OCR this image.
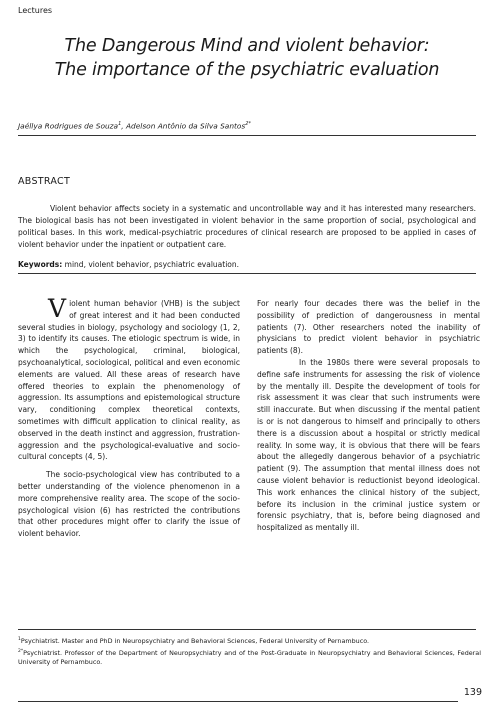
Lectures
The Dangerous Mind and violent behavior:
The importance of the psychiatric evaluation
Jaéllya Rodrigues de Souza$^1$, Adelson Antônio da Silva Santos$^{2*}$
ABSTRACT

Violent behavior affects society in a systematic and uncontrollable way and it has interested many researchers. The biological basis has not been investigated in violent behavior in the same proportion of social, psychological and political bases. In this work, medical-psychiatric procedures of clinical research are proposed to be applied in cases of violent behavior under the inpatient or outpatient care.

Keywords: mind, violent behavior, psychiatric evaluation.

Violent human behavior (VHB) is the subject of great interest and it had been conducted several studies in biology, psychology and sociology (1, 2, 3) to identify its causes. The etiologic spectrum is wide, in which the psychological, criminal, biological, psychoanalytical, sociological, political and even economic elements are valued. All these areas of research have offered theories to explain the phenomenology of aggression. Its assumptions and epistemological structure vary, conditioning complex theoretical contexts, sometimes with difficult application to clinical reality, as observed in the death instinct and aggression, frustration-aggression and the psychological-evaluative and socio-cultural concepts (4, 5).

The socio-psychological view has contributed to a better understanding of the violence phenomenon in a more comprehensive reality area. The scope of the socio-psychological vision (6) has restricted the contributions that other procedures might offer to clarify the issue of violent behavior.

For nearly four decades there was the belief in the possibility of prediction of dangerousness in mental patients (7). Other researchers noted the inability of physicians to predict violent behavior in psychiatric patients (8).

In the 1980s there were several proposals to define safe instruments for assessing the risk of violence by the mentally ill. Despite the development of tools for risk assessment it was clear that such instruments were still inaccurate. But when discussing if the mental patient is or is not dangerous to himself and principally to others there is a discussion about a hospital or strictly medical reality. In some way, it is obvious that there will be fears about the allegedly dangerous behavior of a psychiatric patient (9). The assumption that mental illness does not cause violent behavior is reductionist beyond ideological. This work enhances the clinical history of the subject, before its inclusion in the criminal justice system or forensic psychiatry, that is, before being diagnosed and hospitalized as mentally ill.

$^1$Psychiatrist. Master and PhD in Neuropsychiatry and Behavioral Sciences, Federal University of Pernambuco.

$^{2*}$Psychiatrist. Professor of the Department of Neuropsychiatry and of the Post-Graduate in Neuropsychiatry and Behavioral Sciences, Federal University of Pernambuco.

139
